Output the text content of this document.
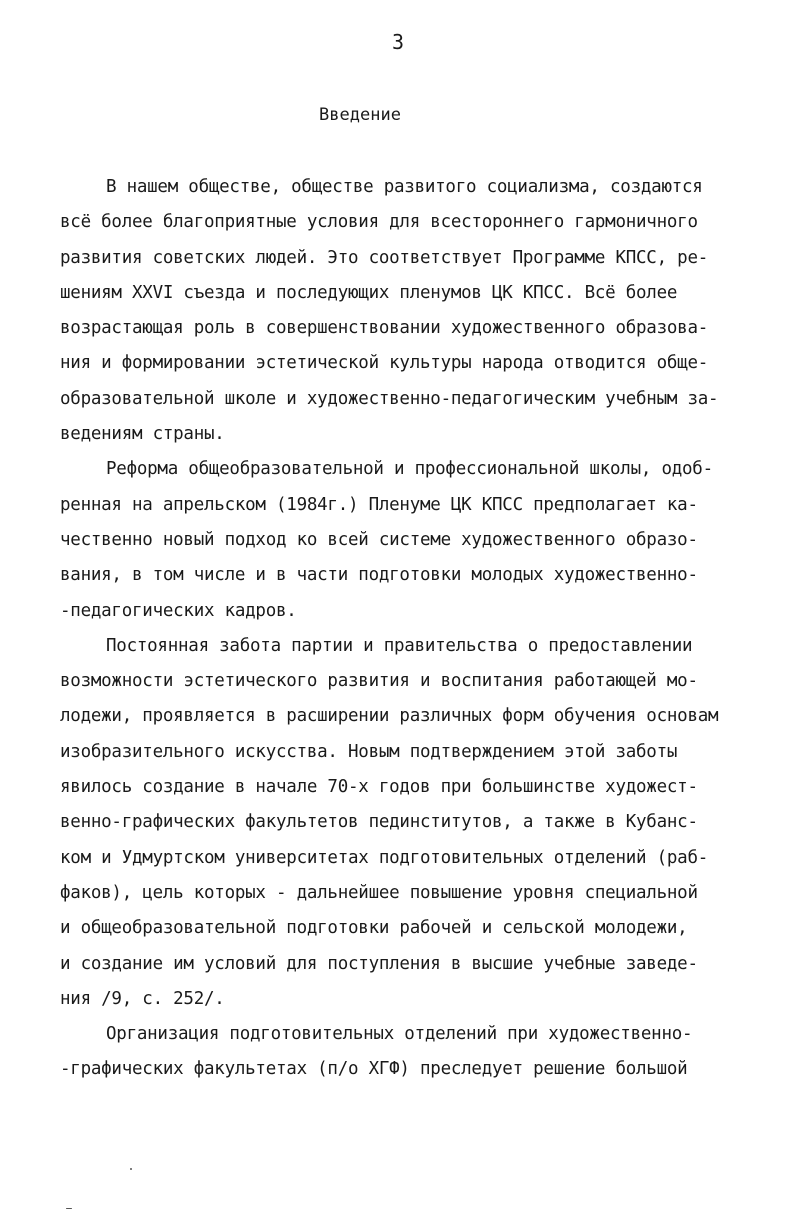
3
Введение
В нашем обществе, обществе развитого социализма, создаются
всё более благоприятные условия для всестороннего гармоничного
развития советских людей. Это соответствует Программе КПСС, ре-
шениям XXVI съезда и последующих пленумов ЦК КПСС. Всё более
возрастающая роль в совершенствовании художественного образова-
ния и формировании эстетической культуры народа отводится обще-
образовательной школе и художественно-педагогическим учебным за-
ведениям страны.
Реформа общеобразовательной и профессиональной школы, одоб-
ренная на апрельском (1984г.) Пленуме ЦК КПСС предполагает ка-
чественно новый подход ко всей системе художественного образо-
вания, в том числе и в части подготовки молодых художественно-
-педагогических кадров.
Постоянная забота партии и правительства о предоставлении
возможности эстетического развития и воспитания работающей мо-
лодежи, проявляется в расширении различных форм обучения основам
изобразительного искусства. Новым подтверждением этой заботы
явилось создание в начале 70-х годов при большинстве художест-
венно-графических факультетов пединститутов, а также в Кубанс-
ком и Удмуртском университетах подготовительных отделений (раб-
факов), цель которых - дальнейшее повышение уровня специальной
и общеобразовательной подготовки рабочей и сельской молодежи,
и создание им условий для поступления в высшие учебные заведе-
ния /9, с. 252/.
Организация подготовительных отделений при художественно-
-графических факультетах (п/о ХГФ) преследует решение большой
